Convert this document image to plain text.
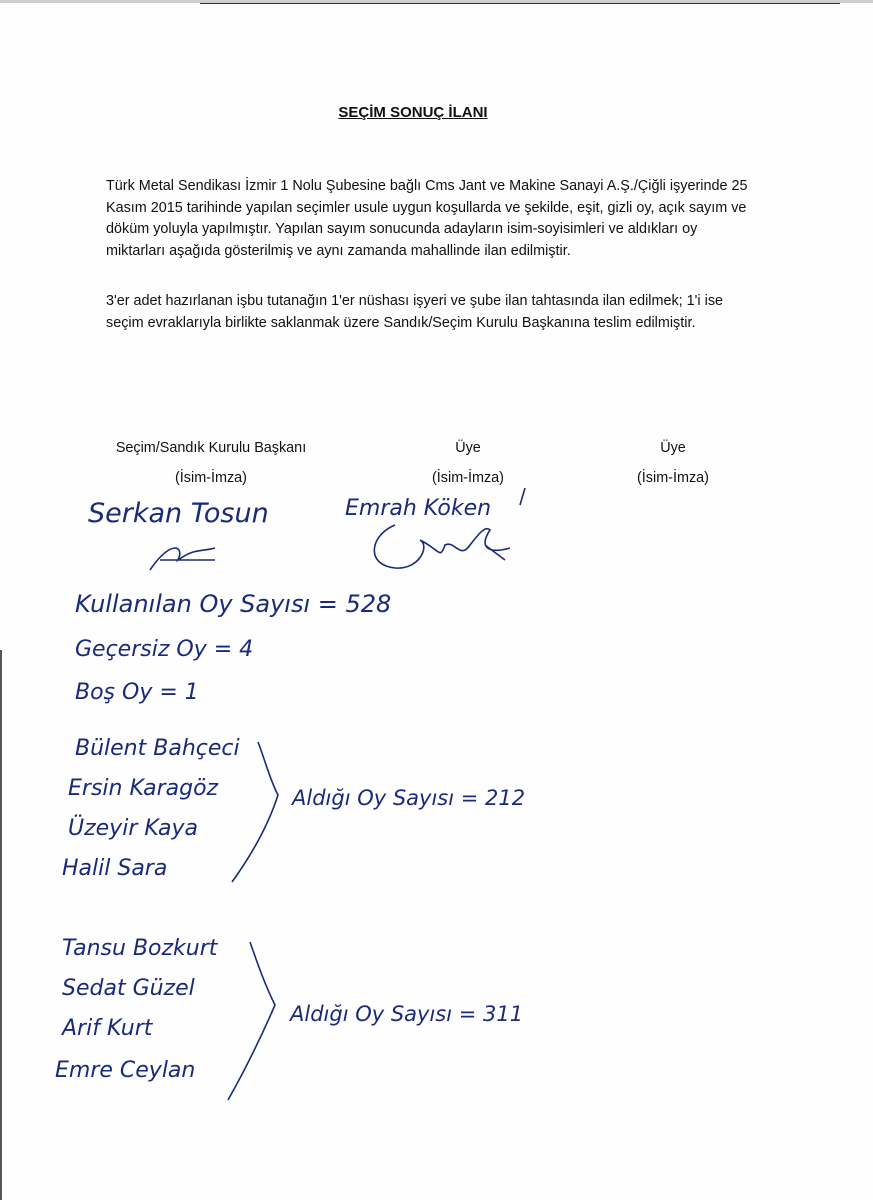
SEÇİM SONUÇ İLANI

Türk Metal Sendikası İzmir 1 Nolu Şubesine bağlı Cms Jant ve Makine Sanayi A.Ş./Çiğli işyerinde 25 Kasım 2015 tarihinde yapılan seçimler usule uygun koşullarda ve şekilde, eşit, gizli oy, açık sayım ve döküm yoluyla yapılmıştır. Yapılan sayım sonucunda adayların isim-soyisimleri ve aldıkları oy miktarları aşağıda gösterilmiş ve aynı zamanda mahallinde ilan edilmiştir.

3'er adet hazırlanan işbu tutanağın 1'er nüshası işyeri ve şube ilan tahtasında ilan edilmek; 1'i ise seçim evraklarıyla birlikte saklanmak üzere Sandık/Seçim Kurulu Başkanına teslim edilmiştir.

Seçim/Sandık Kurulu Başkanı
(İsim-İmza)
Üye
(İsim-İmza)
Üye
(İsim-İmza)
Serkan Tosun	Emrah Köken
Kullanılan Oy Sayısı = 528
Geçersiz Oy = 4
Boş Oy = 1
Bülent Bahçeci
Ersin Karagöz
Üzeyir Kaya
Halil Sara
Aldığı Oy Sayısı = 212
Tansu Bozkurt
Sedat Güzel
Arif Kurt
Emre Ceylan
Aldığı Oy Sayısı = 311
